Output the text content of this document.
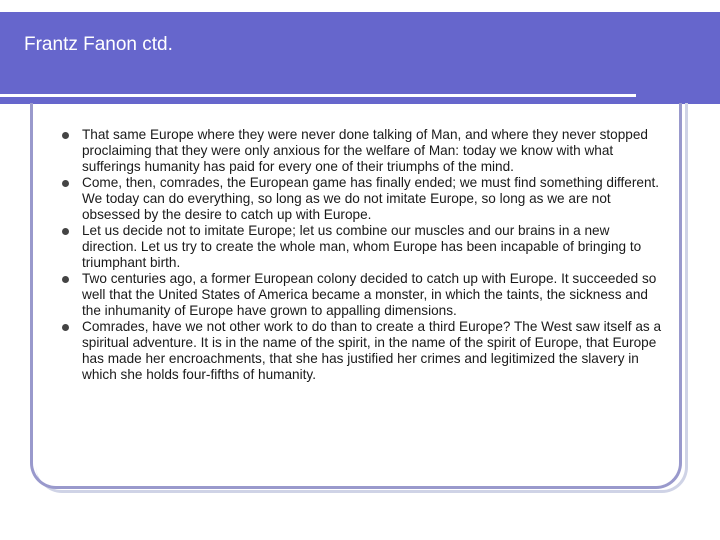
Frantz Fanon ctd.
That same Europe where they were never done talking of Man, and where they never stopped proclaiming that they were only anxious for the welfare of Man: today we know with what sufferings humanity has paid for every one of their triumphs of the mind.
Come, then, comrades, the European game has finally ended; we must find something different. We today can do everything, so long as we do not imitate Europe, so long as we are not obsessed by the desire to catch up with Europe.
Let us decide not to imitate Europe; let us combine our muscles and our brains in a new direction. Let us try to create the whole man, whom Europe has been incapable of bringing to triumphant birth.
Two centuries ago, a former European colony decided to catch up with Europe. It succeeded so well that the United States of America became a monster, in which the taints, the sickness and the inhumanity of Europe have grown to appalling dimensions.
Comrades, have we not other work to do than to create a third Europe? The West saw itself as a spiritual adventure. It is in the name of the spirit, in the name of the spirit of Europe, that Europe has made her encroachments, that she has justified her crimes and legitimized the slavery in which she holds four-fifths of humanity.
